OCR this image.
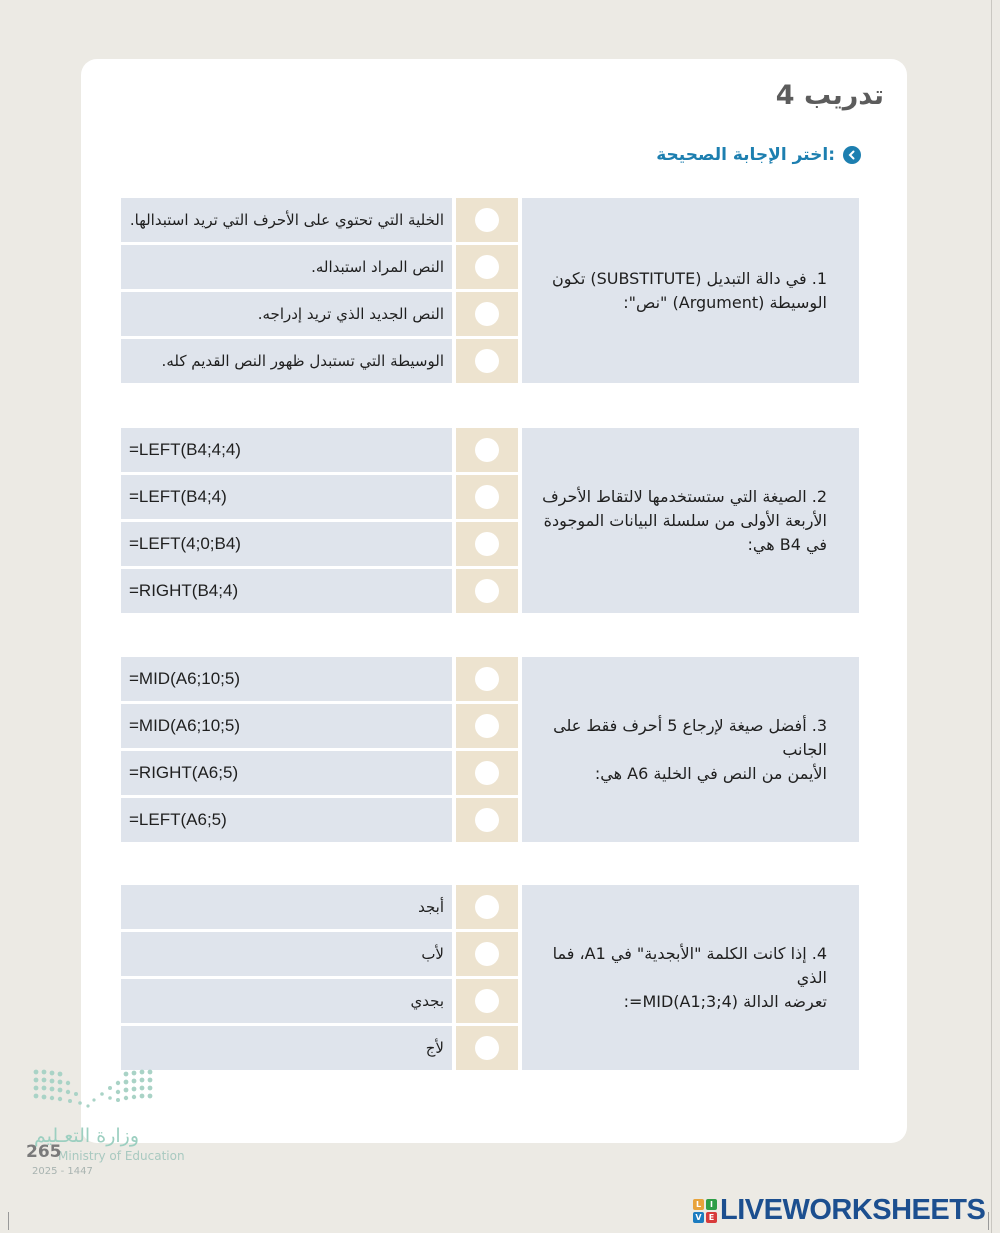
تدريب 4
اختر الإجابة الصحيحة:
1. في دالة التبديل (SUBSTITUTE) تكون
الوسيطة (Argument) "نص":
الخلية التي تحتوي على الأحرف التي تريد استبدالها.
النص المراد استبداله.
النص الجديد الذي تريد إدراجه.
الوسيطة التي تستبدل ظهور النص القديم كله.
2. الصيغة التي ستستخدمها لالتقاط الأحرف
الأربعة الأولى من سلسلة البيانات الموجودة
في B4 هي:
=LEFT(B4;4;4)
=LEFT(B4;4)
=LEFT(4;0;B4)
=RIGHT(B4;4)
3. أفضل صيغة لإرجاع 5 أحرف فقط على الجانب
الأيمن من النص في الخلية A6 هي:
=MID(A6;10;5)
=MID(A6;10;5)
=RIGHT(A6;5)
=LEFT(A6;5)
4. إذا كانت الكلمة "الأبجدية" في A1، فما الذي
تعرضه الدالة (MID(A1;3;4=:
أبجد
لأب
بجدي
لأج
وزارة التعـليم
Ministry of Education
2025 - 1447
265
L	I
V E LIVEWORKSHEETS
